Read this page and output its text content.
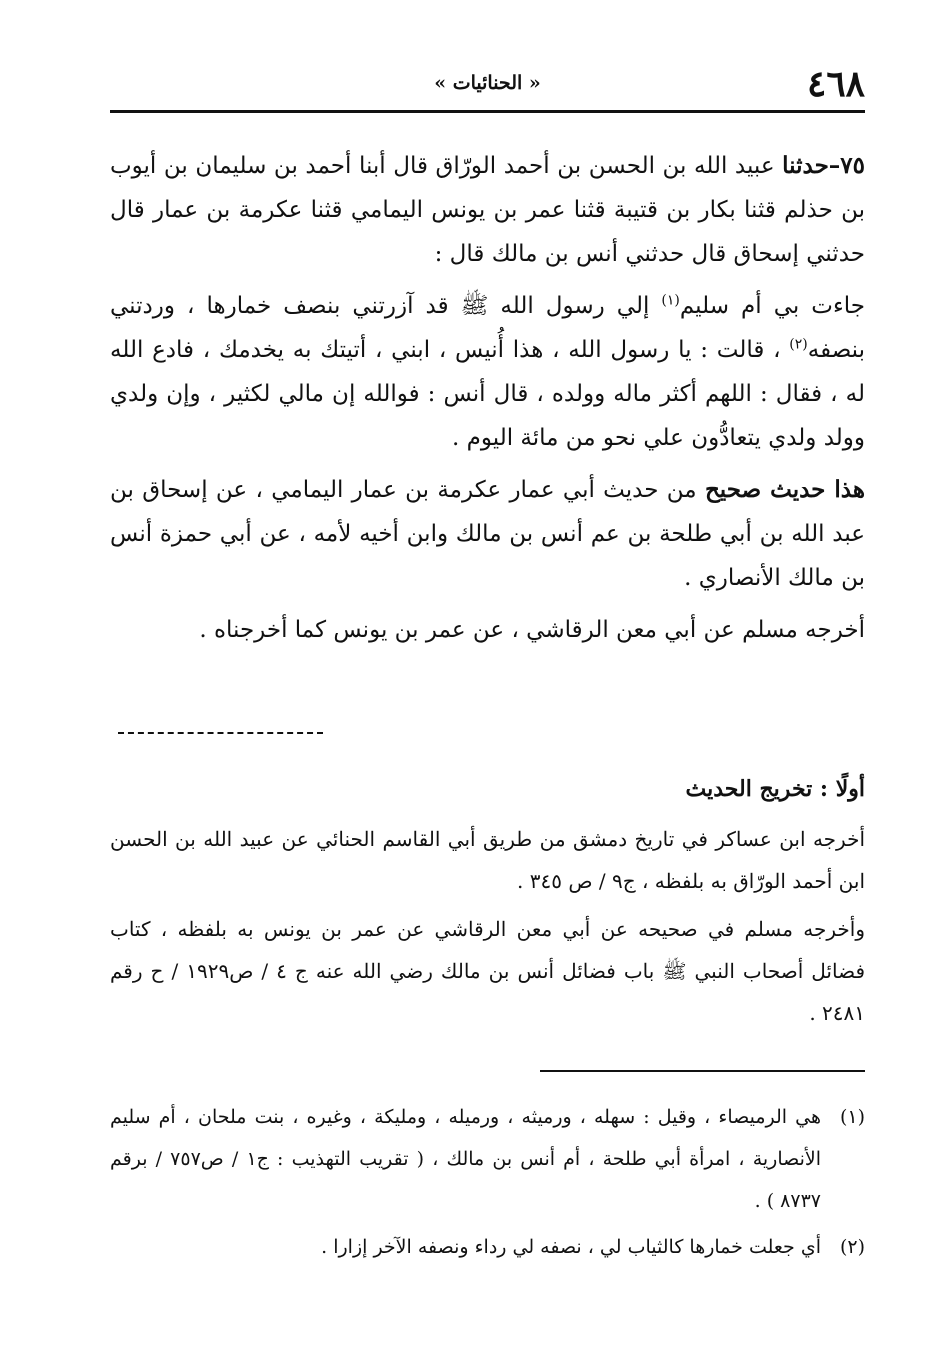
٤٦٨
« الحنائيات »

٧٥–حدثنا عبيد الله بن الحسن بن أحمد الورّاق قال أبنا أحمد بن سليمان بن أيوب بن حذلم قثنا بكار بن قتيبة قثنا عمر بن يونس اليمامي قثنا عكرمة بن عمار قال حدثني إسحاق قال حدثني أنس بن مالك قال :

جاءت بي أم سليم$^{(١)}$ إلي رسول الله ﷺ قد آزرتني بنصف خمارها ، وردتني بنصفه$^{(٢)}$ ، قالت : يا رسول الله ، هذا أُنيس ، ابني ، أتيتك به يخدمك ، فادع الله له ، فقال : اللهم أكثر ماله وولده ، قال أنس : فوالله إن مالي لكثير ، وإن ولدي وولد ولدي يتعادُّون علي نحو من مائة اليوم .

هذا حديث صحيح من حديث أبي عمار عكرمة بن عمار اليمامي ، عن إسحاق بن عبد الله بن أبي طلحة بن عم أنس بن مالك وابن أخيه لأمه ، عن أبي حمزة أنس بن مالك الأنصاري .

أخرجه مسلم عن أبي معن الرقاشي ، عن عمر بن يونس كما أخرجناه .

أولًا : تخريج الحديث

أخرجه ابن عساكر في تاريخ دمشق من طريق أبي القاسم الحنائي عن عبيد الله بن الحسن ابن أحمد الورّاق به بلفظه ، ج٩ / ص ٣٤٥ .

وأخرجه مسلم في صحيحه عن أبي معن الرقاشي عن عمر بن يونس به بلفظه ، كتاب فضائل أصحاب النبي ﷺ باب فضائل أنس بن مالك رضي الله عنه ج ٤ / ص١٩٢٩ / ح رقم ٢٤٨١ .

(١)
هي الرميصاء ، وقيل : سهله ، ورميثه ، ورميله ، ومليكة ، وغيره ، بنت ملحان ، أم سليم الأنصارية ، امرأة أبي طلحة ، أم أنس بن مالك ، ( تقريب التهذيب : ج١ / ص٧٥٧ / برقم ٨٧٣٧ ) .
(٢)
أي جعلت خمارها كالثياب لي ، نصفه لي رداء ونصفه الآخر إزارا .
